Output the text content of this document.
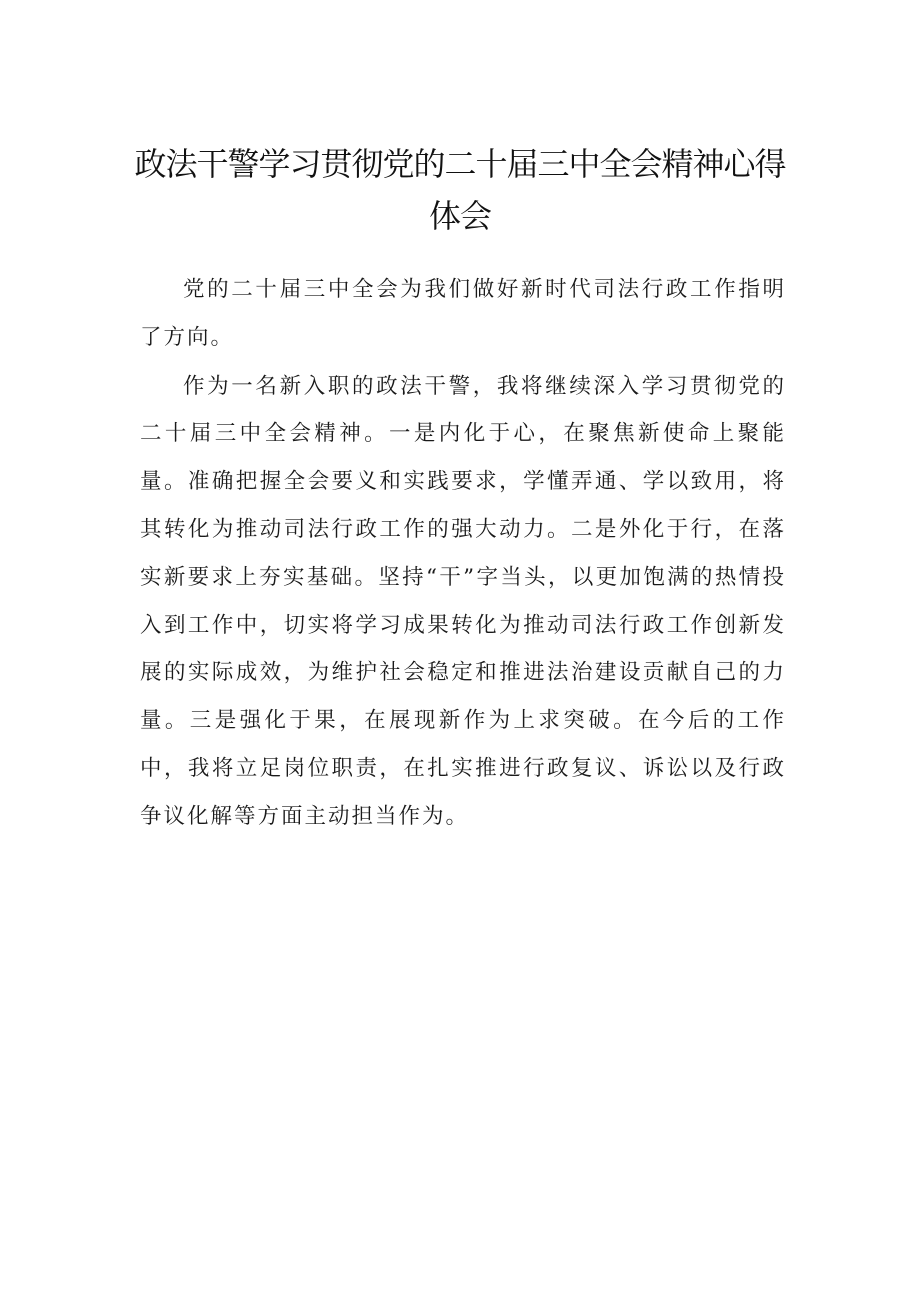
政法干警学习贯彻党的二十届三中全会精神心得体会

党的二十届三中全会为我们做好新时代司法行政工作指明了方向。

作为一名新入职的政法干警，我将继续深入学习贯彻党的二十届三中全会精神。一是内化于心，在聚焦新使命上聚能量。准确把握全会要义和实践要求，学懂弄通、学以致用，将其转化为推动司法行政工作的强大动力。二是外化于行，在落实新要求上夯实基础。坚持“干”字当头，以更加饱满的热情投入到工作中，切实将学习成果转化为推动司法行政工作创新发展的实际成效，为维护社会稳定和推进法治建设贡献自己的力量。三是强化于果，在展现新作为上求突破。在今后的工作中，我将立足岗位职责，在扎实推进行政复议、诉讼以及行政争议化解等方面主动担当作为。
